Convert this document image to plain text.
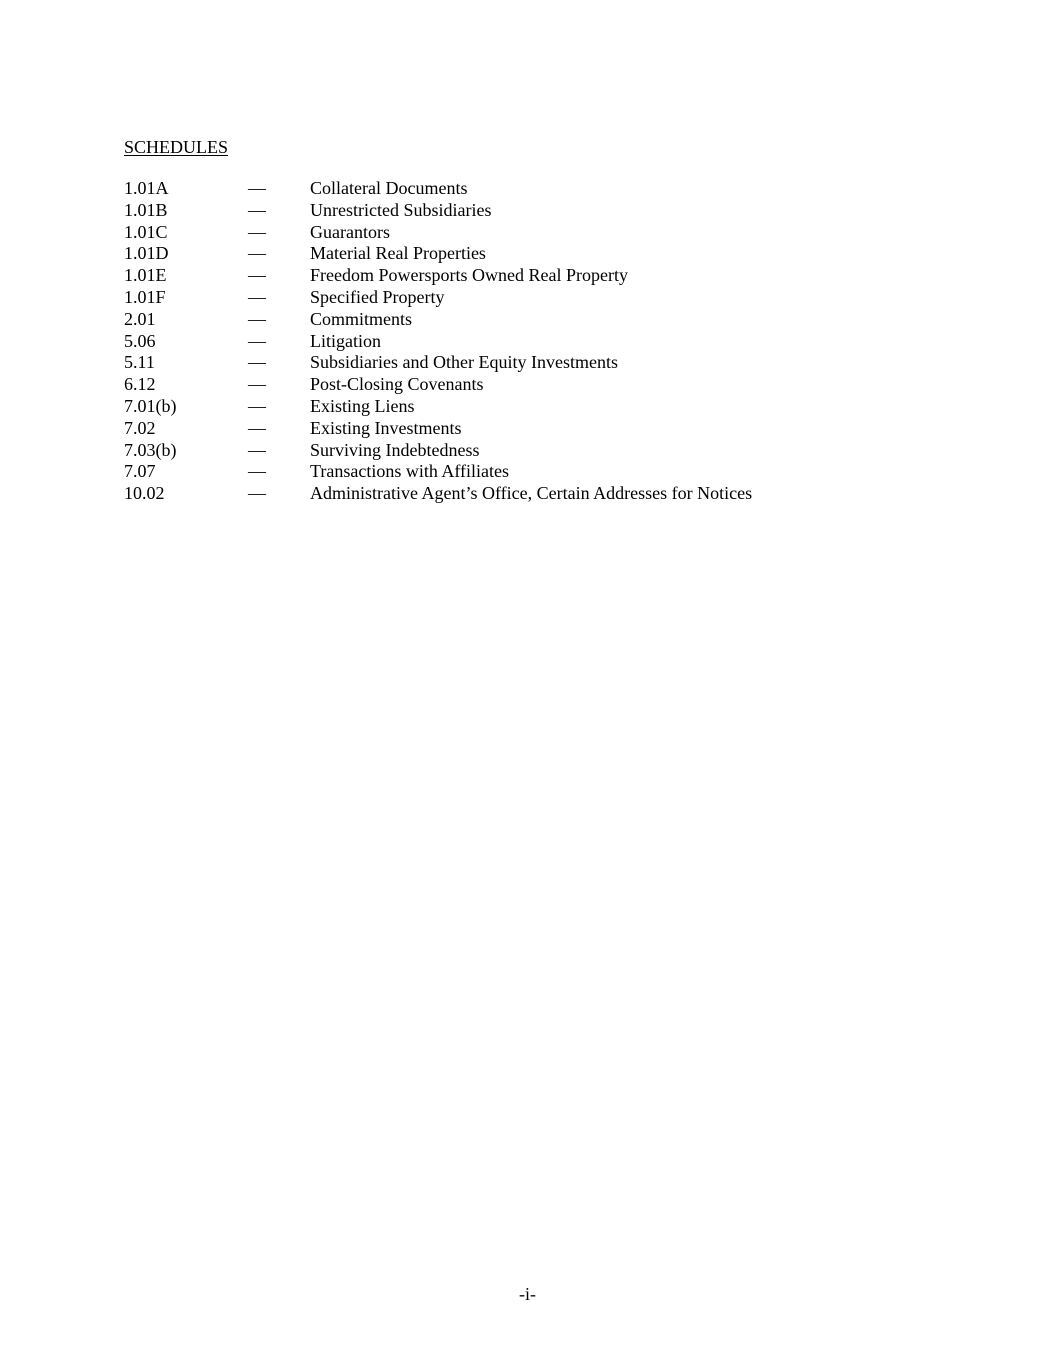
SCHEDULES
1.01A	— Collateral Documents
1.01B	— Unrestricted Subsidiaries
1.01C	— Guarantors
1.01D	— Material Real Properties
1.01E	— Freedom Powersports Owned Real Property
1.01F	— Specified Property
2.01	— Commitments
5.06	— Litigation
5.11	— Subsidiaries and Other Equity Investments
6.12	— Post-Closing Covenants
7.01(b)	— Existing Liens
7.02	— Existing Investments
7.03(b)	— Surviving Indebtedness
7.07	— Transactions with Affiliates
10.02	— Administrative Agent’s Office, Certain Addresses for Notices
-i-
